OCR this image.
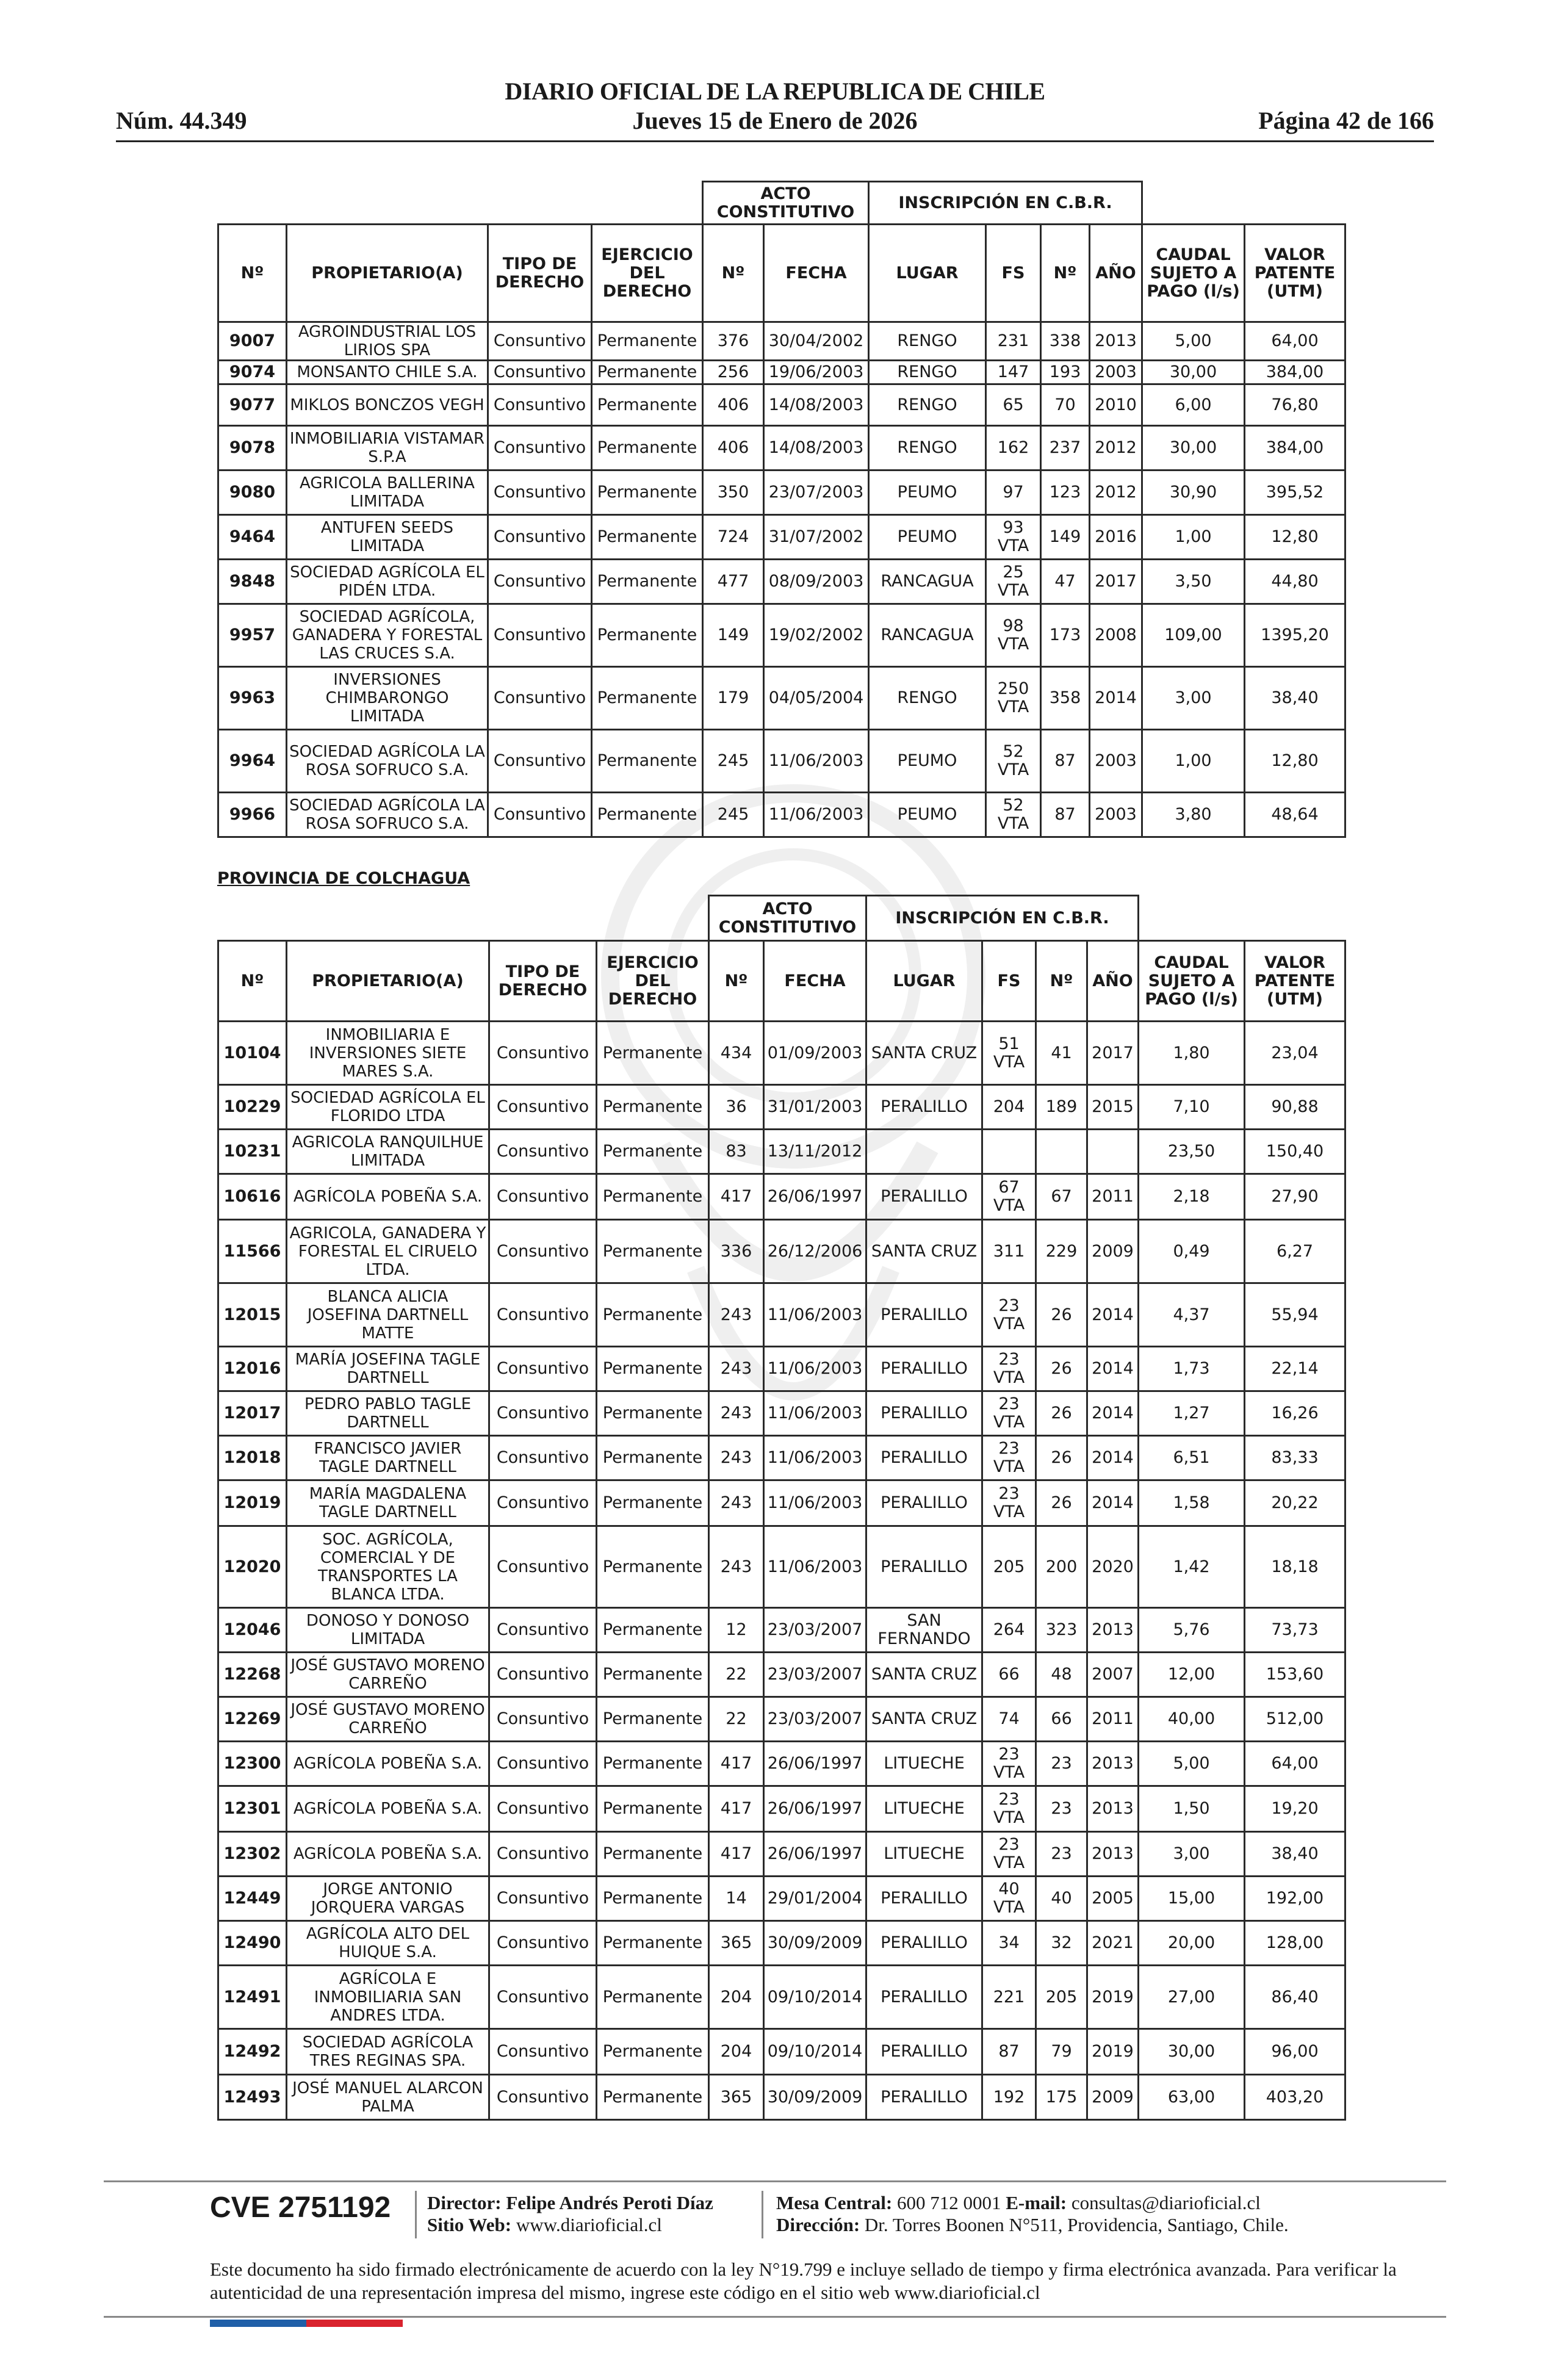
DIARIO OFICIAL DE LA REPUBLICA DE CHILE
Núm. 44.349	Jueves 15 de Enero de 2026	Página 42 de 166
				ACTO CONSTITUTIVO		INSCRIPCIÓN EN C.B.R.					
Nº	PROPIETARIO(A)	TIPO DE DERECHO	EJERCICIO DEL DERECHO	Nº	FECHA	LUGAR	FS	Nº	AÑO	CAUDAL SUJETO A PAGO (l/s)	VALOR PATENTE (UTM)
9007	AGROINDUSTRIAL LOS LIRIOS SPA	Consuntivo	Permanente	376	30/04/2002	RENGO	231	338	2013	5,00	64,00
9074	MONSANTO CHILE S.A.	Consuntivo	Permanente	256	19/06/2003	RENGO	147	193	2003	30,00	384,00
9077	MIKLOS BONCZOS VEGH	Consuntivo	Permanente	406	14/08/2003	RENGO	65	70	2010	6,00	76,80
9078	INMOBILIARIA VISTAMAR S.P.A	Consuntivo	Permanente	406	14/08/2003	RENGO	162	237	2012	30,00	384,00
9080	AGRICOLA BALLERINA LIMITADA	Consuntivo	Permanente	350	23/07/2003	PEUMO	97	123	2012	30,90	395,52
9464	ANTUFEN SEEDS LIMITADA	Consuntivo	Permanente	724	31/07/2002	PEUMO	93 VTA	149	2016	1,00	12,80
9848	SOCIEDAD AGRÍCOLA EL PIDÉN LTDA.	Consuntivo	Permanente	477	08/09/2003	RANCAGUA	25 VTA	47	2017	3,50	44,80
9957	SOCIEDAD AGRÍCOLA, GANADERA Y FORESTAL LAS CRUCES S.A.	Consuntivo	Permanente	149	19/02/2002	RANCAGUA	98 VTA	173	2008	109,00	1395,20
9963	INVERSIONES CHIMBARONGO LIMITADA	Consuntivo	Permanente	179	04/05/2004	RENGO	250 VTA	358	2014	3,00	38,40
9964	SOCIEDAD AGRÍCOLA LA ROSA SOFRUCO S.A.	Consuntivo	Permanente	245	11/06/2003	PEUMO	52 VTA	87	2003	1,00	12,80
9966	SOCIEDAD AGRÍCOLA LA ROSA SOFRUCO S.A.	Consuntivo	Permanente	245	11/06/2003	PEUMO	52 VTA	87	2003	3,80	48,64
PROVINCIA DE COLCHAGUA
				ACTO CONSTITUTIVO		INSCRIPCIÓN EN C.B.R.					
Nº	PROPIETARIO(A)	TIPO DE DERECHO	EJERCICIO DEL DERECHO	Nº	FECHA	LUGAR	FS	Nº	AÑO	CAUDAL SUJETO A PAGO (l/s)	VALOR PATENTE (UTM)
10104	INMOBILIARIA E INVERSIONES SIETE MARES S.A.	Consuntivo	Permanente	434	01/09/2003	SANTA CRUZ	51 VTA	41	2017	1,80	23,04
10229	SOCIEDAD AGRÍCOLA EL FLORIDO LTDA	Consuntivo	Permanente	36	31/01/2003	PERALILLO	204	189	2015	7,10	90,88
10231	AGRICOLA RANQUILHUE LIMITADA	Consuntivo	Permanente	83	13/11/2012					23,50	150,40
10616	AGRÍCOLA POBEÑA S.A.	Consuntivo	Permanente	417	26/06/1997	PERALILLO	67 VTA	67	2011	2,18	27,90
11566	AGRICOLA, GANADERA Y FORESTAL EL CIRUELO LTDA.	Consuntivo	Permanente	336	26/12/2006	SANTA CRUZ	311	229	2009	0,49	6,27
12015	BLANCA ALICIA JOSEFINA DARTNELL MATTE	Consuntivo	Permanente	243	11/06/2003	PERALILLO	23 VTA	26	2014	4,37	55,94
12016	MARÍA JOSEFINA TAGLE DARTNELL	Consuntivo	Permanente	243	11/06/2003	PERALILLO	23 VTA	26	2014	1,73	22,14
12017	PEDRO PABLO TAGLE DARTNELL	Consuntivo	Permanente	243	11/06/2003	PERALILLO	23 VTA	26	2014	1,27	16,26
12018	FRANCISCO JAVIER TAGLE DARTNELL	Consuntivo	Permanente	243	11/06/2003	PERALILLO	23 VTA	26	2014	6,51	83,33
12019	MARÍA MAGDALENA TAGLE DARTNELL	Consuntivo	Permanente	243	11/06/2003	PERALILLO	23 VTA	26	2014	1,58	20,22
12020	SOC. AGRÍCOLA, COMERCIAL Y DE TRANSPORTES LA BLANCA LTDA.	Consuntivo	Permanente	243	11/06/2003	PERALILLO	205	200	2020	1,42	18,18
12046	DONOSO Y DONOSO LIMITADA	Consuntivo	Permanente	12	23/03/2007	SAN FERNANDO	264	323	2013	5,76	73,73
12268	JOSÉ GUSTAVO MORENO CARREÑO	Consuntivo	Permanente	22	23/03/2007	SANTA CRUZ	66	48	2007	12,00	153,60
12269	JOSÉ GUSTAVO MORENO CARREÑO	Consuntivo	Permanente	22	23/03/2007	SANTA CRUZ	74	66	2011	40,00	512,00
12300	AGRÍCOLA POBEÑA S.A.	Consuntivo	Permanente	417	26/06/1997	LITUECHE	23 VTA	23	2013	5,00	64,00
12301	AGRÍCOLA POBEÑA S.A.	Consuntivo	Permanente	417	26/06/1997	LITUECHE	23 VTA	23	2013	1,50	19,20
12302	AGRÍCOLA POBEÑA S.A.	Consuntivo	Permanente	417	26/06/1997	LITUECHE	23 VTA	23	2013	3,00	38,40
12449	JORGE ANTONIO JORQUERA VARGAS	Consuntivo	Permanente	14	29/01/2004	PERALILLO	40 VTA	40	2005	15,00	192,00
12490	AGRÍCOLA ALTO DEL HUIQUE S.A.	Consuntivo	Permanente	365	30/09/2009	PERALILLO	34	32	2021	20,00	128,00
12491	AGRÍCOLA E INMOBILIARIA SAN ANDRES LTDA.	Consuntivo	Permanente	204	09/10/2014	PERALILLO	221	205	2019	27,00	86,40
12492	SOCIEDAD AGRÍCOLA TRES REGINAS SPA.	Consuntivo	Permanente	204	09/10/2014	PERALILLO	87	79	2019	30,00	96,00
12493	JOSÉ MANUEL ALARCON PALMA	Consuntivo	Permanente	365	30/09/2009	PERALILLO	192	175	2009	63,00	403,20
CVE 2751192 Director: Felipe Andrés Peroti Díaz
Sitio Web: www.diarioficial.cl
Mesa Central: 600 712 0001 E-mail: consultas@diarioficial.cl
Dirección: Dr. Torres Boonen N°511, Providencia, Santiago, Chile.
Este documento ha sido firmado electrónicamente de acuerdo con la ley N°19.799 e incluye sellado de tiempo y firma electrónica avanzada. Para verificar la autenticidad de una representación impresa del mismo, ingrese este código en el sitio web www.diarioficial.cl
